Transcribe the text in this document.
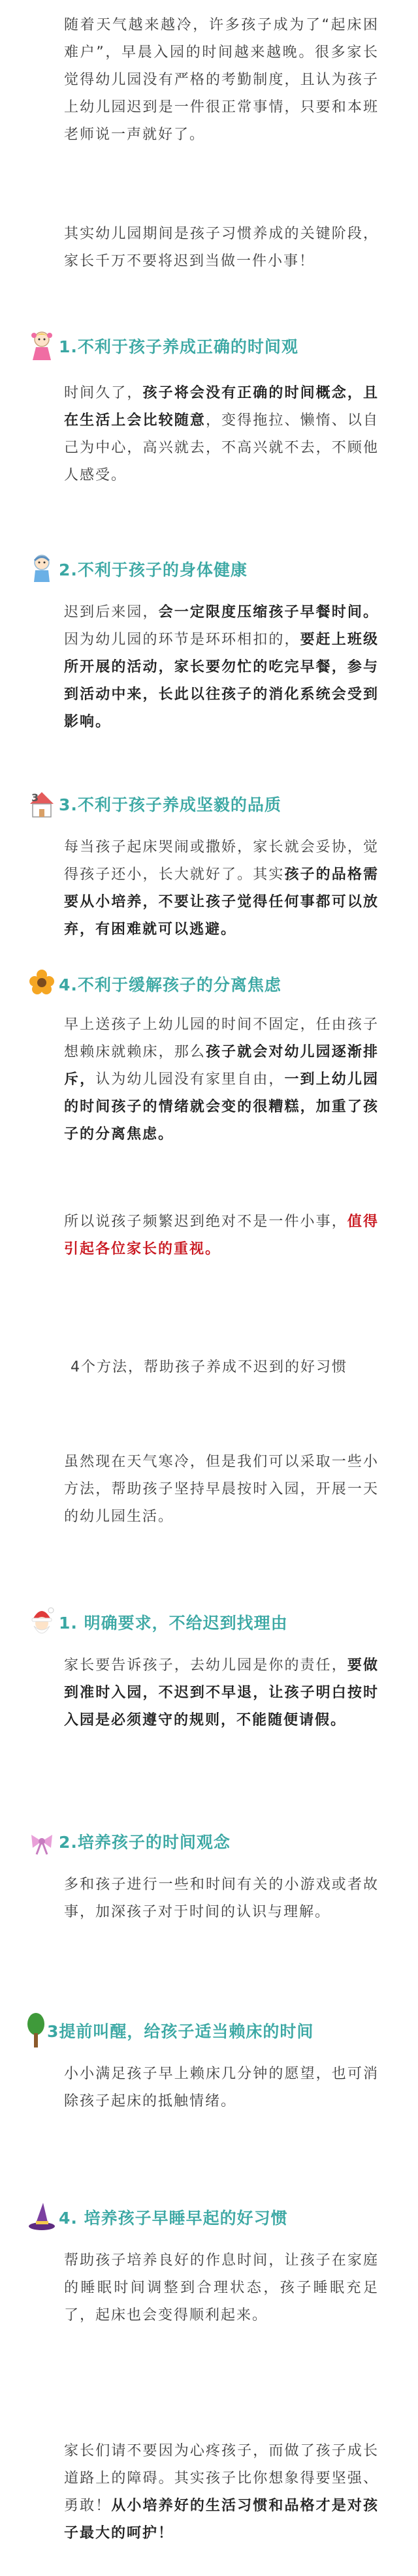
随着天气越来越冷，许多孩子成为了“起床困难户”，早晨入园的时间越来越晚。很多家长觉得幼儿园没有严格的考勤制度，且认为孩子上幼儿园迟到是一件很正常事情，只要和本班老师说一声就好了。

其实幼儿园期间是孩子习惯养成的关键阶段，家长千万不要将迟到当做一件小事！

1.不利于孩子养成正确的时间观

时间久了，孩子将会没有正确的时间概念，且在生活上会比较随意，变得拖拉、懒惰、以自己为中心，高兴就去，不高兴就不去，不顾他人感受。

2.不利于孩子的身体健康

迟到后来园，会一定限度压缩孩子早餐时间。因为幼儿园的环节是环环相扣的，要赶上班级所开展的活动，家长要勿忙的吃完早餐，参与到活动中来，长此以往孩子的消化系统会受到影响。

3 3.不利于孩子养成坚毅的品质

每当孩子起床哭闹或撒娇，家长就会妥协，觉得孩子还小，长大就好了。其实孩子的品格需要从小培养，不要让孩子觉得任何事都可以放弃，有困难就可以逃避。

4.不利于缓解孩子的分离焦虑

早上送孩子上幼儿园的时间不固定，任由孩子想赖床就赖床，那么孩子就会对幼儿园逐渐排斥，认为幼儿园没有家里自由，一到上幼儿园的时间孩子的情绪就会变的很糟糕，加重了孩子的分离焦虑。

所以说孩子频繁迟到绝对不是一件小事，值得引起各位家长的重视。

4个方法，帮助孩子养成不迟到的好习惯

虽然现在天气寒冷，但是我们可以采取一些小方法，帮助孩子坚持早晨按时入园，开展一天的幼儿园生活。

1. 明确要求，不给迟到找理由

家长要告诉孩子，去幼儿园是你的责任，要做到准时入园，不迟到不早退，让孩子明白按时入园是必须遵守的规则，不能随便请假。

2.培养孩子的时间观念

多和孩子进行一些和时间有关的小游戏或者故事，加深孩子对于时间的认识与理解。

3提前叫醒，给孩子适当赖床的时间

小小满足孩子早上赖床几分钟的愿望，也可消除孩子起床的抵触情绪。

4. 培养孩子早睡早起的好习惯

帮助孩子培养良好的作息时间，让孩子在家庭的睡眠时间调整到合理状态，孩子睡眠充足了，起床也会变得顺利起来。

家长们请不要因为心疼孩子，而做了孩子成长道路上的障碍。其实孩子比你想象得要坚强、勇敢！从小培养好的生活习惯和品格才是对孩子最大的呵护！
